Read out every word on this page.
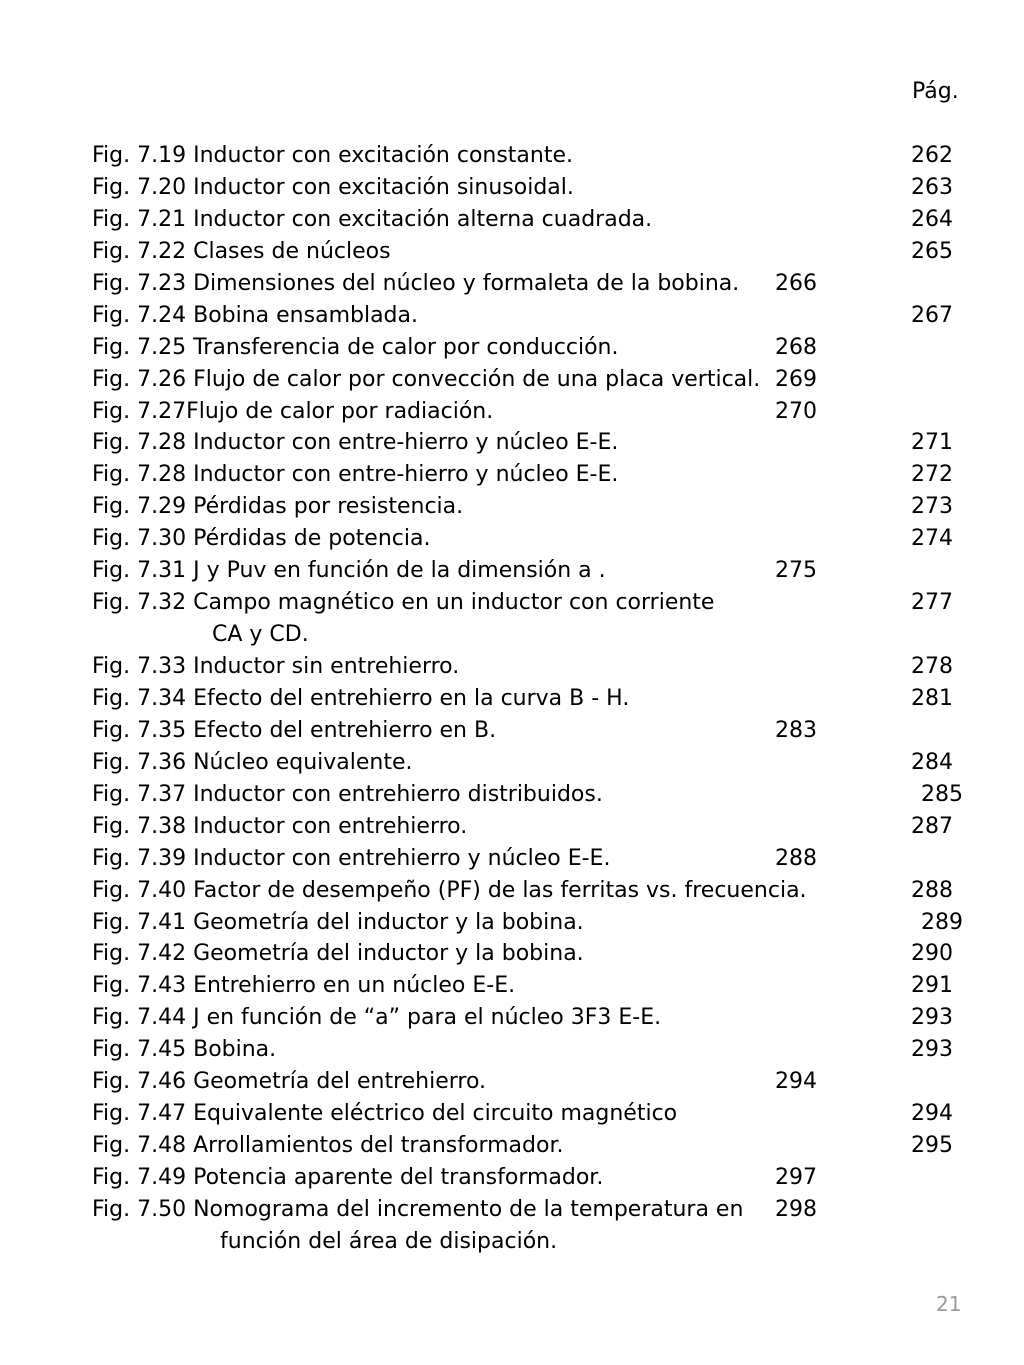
Pág.
Fig. 7.19 Inductor con excitación constante.	262
Fig. 7.20 Inductor con excitación sinusoidal.	263
Fig. 7.21 Inductor con excitación alterna cuadrada.	264
Fig. 7.22 Clases de núcleos	265
Fig. 7.23 Dimensiones del núcleo y formaleta de la bobina. 266
Fig. 7.24 Bobina ensamblada.	267
Fig. 7.25 Transferencia de calor por conducción.	268
Fig. 7.26 Flujo de calor por convección de una placa vertical. 269
Fig. 7.27Flujo de calor por radiación.	270
Fig. 7.28 Inductor con entre-hierro y núcleo E-E.	271
Fig. 7.28 Inductor con entre-hierro y núcleo E-E.	272
Fig. 7.29 Pérdidas por resistencia.	273
Fig. 7.30 Pérdidas de potencia.	274
Fig. 7.31 J y Puv en función de la dimensión a .	275
Fig. 7.32 Campo magnético en un inductor con corriente	277
CA y CD.
Fig. 7.33 Inductor sin entrehierro.	278
Fig. 7.34 Efecto del entrehierro en la curva B - H.	281
Fig. 7.35 Efecto del entrehierro en B.	283
Fig. 7.36 Núcleo equivalente.	284
Fig. 7.37 Inductor con entrehierro distribuidos.	285
Fig. 7.38 Inductor con entrehierro.	287
Fig. 7.39 Inductor con entrehierro y núcleo E-E.	288
Fig. 7.40 Factor de desempeño (PF) de las ferritas vs. frecuencia.	288
Fig. 7.41 Geometría del inductor y la bobina.	289
Fig. 7.42 Geometría del inductor y la bobina.	290
Fig. 7.43 Entrehierro en un núcleo E-E.	291
Fig. 7.44 J en función de “a” para el núcleo 3F3 E-E.	293
Fig. 7.45 Bobina.	293
Fig. 7.46 Geometría del entrehierro.	294
Fig. 7.47 Equivalente eléctrico del circuito magnético	294
Fig. 7.48 Arrollamientos del transformador.	295
Fig. 7.49 Potencia aparente del transformador.	297
Fig. 7.50 Nomograma del incremento de la temperatura en 298
función del área de disipación.
21
